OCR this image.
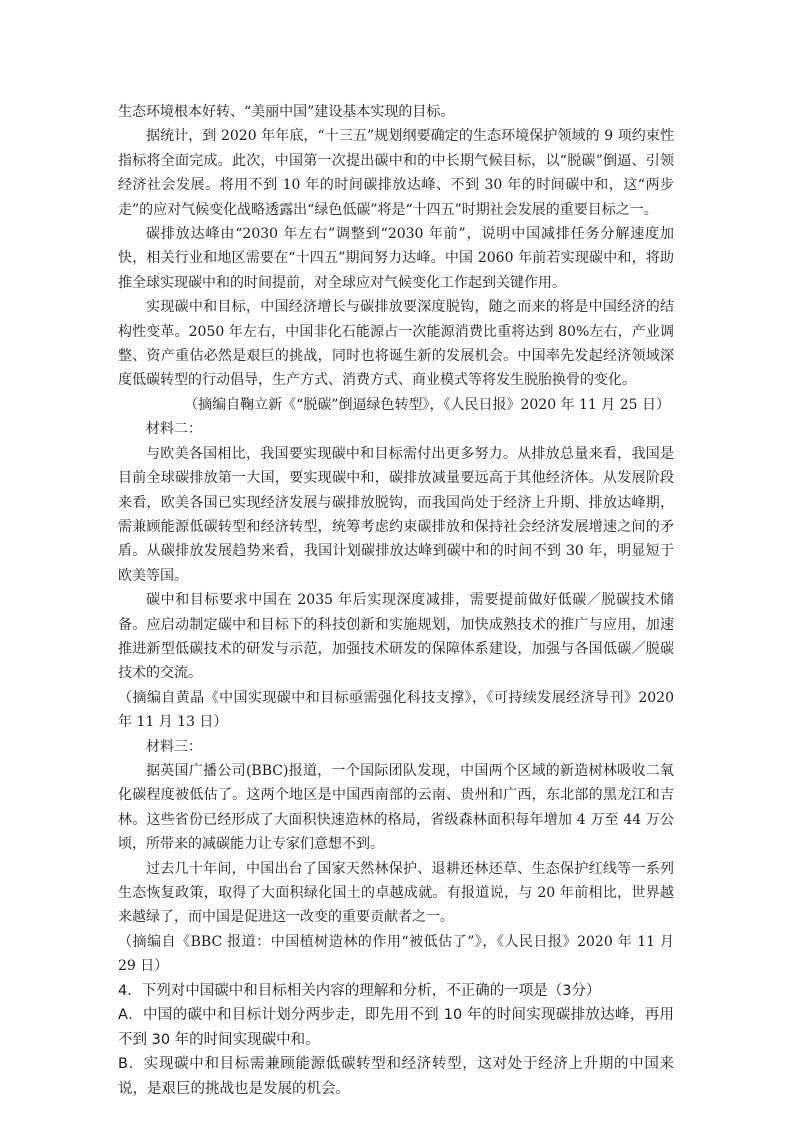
生态环境根本好转、“美丽中国”建设基本实现的目标。

据统计，到 2020 年年底，“十三五”规划纲要确定的生态环境保护领域的 9 项约束性指标将全面完成。此次，中国第一次提出碳中和的中长期气候目标，以“脱碳”倒逼、引领经济社会发展。将用不到 10 年的时间碳排放达峰、不到 30 年的时间碳中和，这“两步走”的应对气候变化战略透露出“绿色低碳”将是“十四五”时期社会发展的重要目标之一。

碳排放达峰由“2030 年左右”调整到“2030 年前”，说明中国减排任务分解速度加快，相关行业和地区需要在“十四五”期间努力达峰。中国 2060 年前若实现碳中和，将助推全球实现碳中和的时间提前，对全球应对气候变化工作起到关键作用。

实现碳中和目标，中国经济增长与碳排放要深度脱钩，随之而来的将是中国经济的结构性变革。2050 年左右，中国非化石能源占一次能源消费比重将达到 80%左右，产业调整、资产重估必然是艰巨的挑战，同时也将诞生新的发展机会。中国率先发起经济领域深度低碳转型的行动倡导，生产方式、消费方式、商业模式等将发生脱胎换骨的变化。

（摘编自鞠立新《“脱碳”倒逼绿色转型》，《人民日报》2020 年 11 月 25 日）

材料二：

与欧美各国相比，我国要实现碳中和目标需付出更多努力。从排放总量来看，我国是目前全球碳排放第一大国，要实现碳中和，碳排放减量要远高于其他经济体。从发展阶段来看，欧美各国已实现经济发展与碳排放脱钩，而我国尚处于经济上升期、排放达峰期，需兼顾能源低碳转型和经济转型，统筹考虑约束碳排放和保持社会经济发展增速之间的矛盾。从碳排放发展趋势来看，我国计划碳排放达峰到碳中和的时间不到 30 年，明显短于欧美等国。

碳中和目标要求中国在 2035 年后实现深度减排，需要提前做好低碳／脱碳技术储备。应启动制定碳中和目标下的科技创新和实施规划，加快成熟技术的推广与应用，加速推进新型低碳技术的研发与示范，加强技术研发的保障体系建设，加强与各国低碳／脱碳技术的交流。

（摘编自黄晶《中国实现碳中和目标亟需强化科技支撑》，《可持续发展经济导刊》2020 年 11 月 13 日）

材料三：

据英国广播公司(BBC)报道，一个国际团队发现，中国两个区域的新造树林吸收二氧化碳程度被低估了。这两个地区是中国西南部的云南、贵州和广西，东北部的黑龙江和吉林。这些省份已经形成了大面积快速造林的格局，省级森林面积每年增加 4 万至 44 万公顷，所带来的减碳能力让专家们意想不到。

过去几十年间，中国出台了国家天然林保护、退耕还林还草、生态保护红线等一系列生态恢复政策，取得了大面积绿化国土的卓越成就。有报道说，与 20 年前相比，世界越来越绿了，而中国是促进这一改变的重要贡献者之一。

（摘编自《BBC 报道：中国植树造林的作用“被低估了”》，《人民日报》2020 年 11 月 29 日）

4．下列对中国碳中和目标相关内容的理解和分析，不正确的一项是（3分）

A．中国的碳中和目标计划分两步走，即先用不到 10 年的时间实现碳排放达峰，再用不到 30 年的时间实现碳中和。

B．实现碳中和目标需兼顾能源低碳转型和经济转型，这对处于经济上升期的中国来说，是艰巨的挑战也是发展的机会。
